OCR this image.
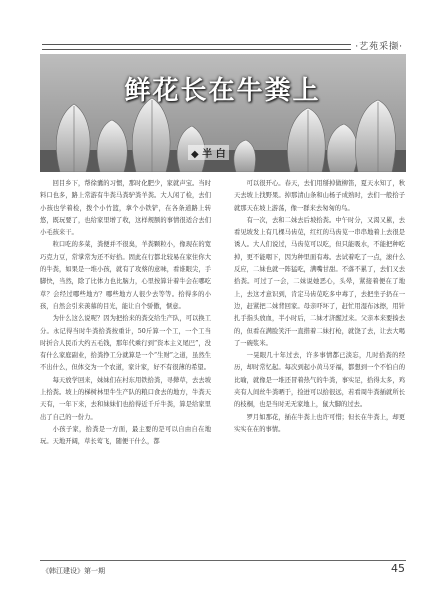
·艺苑采撷·
鲜花长在牛粪上
◆ 半 白

回目乡下，帮徐囊的习惯，那时化肥少，家就声宝。当时料口也多，路上常游有牛粪马粪驴粪羊粪。大人闲了检，去们小孩也学着检，拨个小竹篮，拿个小铁铲，在各条道路上转悠，既玩要了，也给家里增了收，这样规额的事情很适合去们小毛孩来干。

粒口吃的多菜，粪便并不很臭，羊粪颗粒小，像现在的宽巧克力豆，常掌常为还不好拾。固此在行都北较易在家住你大的牛粪，如果是一堆小孩，就有了攻蔡的意味，看谁眼尖，手脚快，当然，除了比体力也比脑力，心里按算计着牛会在哪吃草？会经过哪些地方？哪些地方人很少去等等。拾得多的小孩，自然会引来羡慕的目光，能让自个骄傲，惬意。

为什么这么说呢？因为把拾来的粪交给生产队，可以换工分。永记得当时牛粪拾粪按重计，50斤算一个工，一个工当时折合人民币大约五毛钱，那年代乘行到“资本主义尾巴”，没有什么家庭副业，拾粪挣工分就算是一个“生财”之道，虽然生不出什么，但体交为一个农道，家计家，好不有很薄的希望。

每天放学回来，妹妹们在村东用铁拾粪，寻撵草，去去坡上拾粪。坡上的梯树林里牛生产队的粮口食去的地方，牛粪天天有，一年下来，去和妹妹们也拾得近千斤牛粪，算是给家里出了自己的一份力。

小孩子家，拾粪是一方面，最主要的是可以自由自在地玩。天地开阔，草长莺飞，随便干什么，都

可以很开心。春天，去们用掰掉做柳笛，夏天水知了，秋天去坡上找野果。掉那清山条和山杨子成熟时，去们一般拾子就那天在坡上游荡，像一群来去匆匆的鸟。

有一次，去和二妹去后坡拾粪。中午时分，又渴又累，去看见坡发上有几棵马齿苋，红红的马齿苋一串串地着上去很是诱人。大人们说过，马齿苋可以吃，但只能吸水，不能把种吃掉，更不能咽下，因为种里面有毒。去试着吃了一点，滚什么反应，二妹也就一阵猛吃，满嘴甘甜。不落不累了，去们又去拾粪。可过了一会，二妹说她恶心，头晕，紧接着便在了地上，去这才意识到，肯定马齿苋吃多中毒了，去把坐子扔在一边，赶紧把二妹背回家。母亲吓坏了，赶忙用湿布冰擦，用针扎手指头放血，半小时后，二妹才济醒过来。父亲本来要揍去的，但看在满脸笑汗一直揩着二妹打枪，就饶了去，让去大喝了一碗浆米。

一晃眼几十年过去，许多事情都已淡忘，几时拾粪的经历，却时常忆起。每次到起小黄马牙福，都想到一个不怕自的比喻，就像是一堆还冒着热气的牛粪，事实足，拾得太多，鸡夹有人间丝牛粪晒于，捡迸可以拾很远，若看周牛粪插就所长的枝桐，也是当时无无家地上，鼠大脚的过去。

罗月如那花，插在牛粪上也许可惜；但长在牛粪上，却更实实在在的事情。

《韩江建设》第一期	45
